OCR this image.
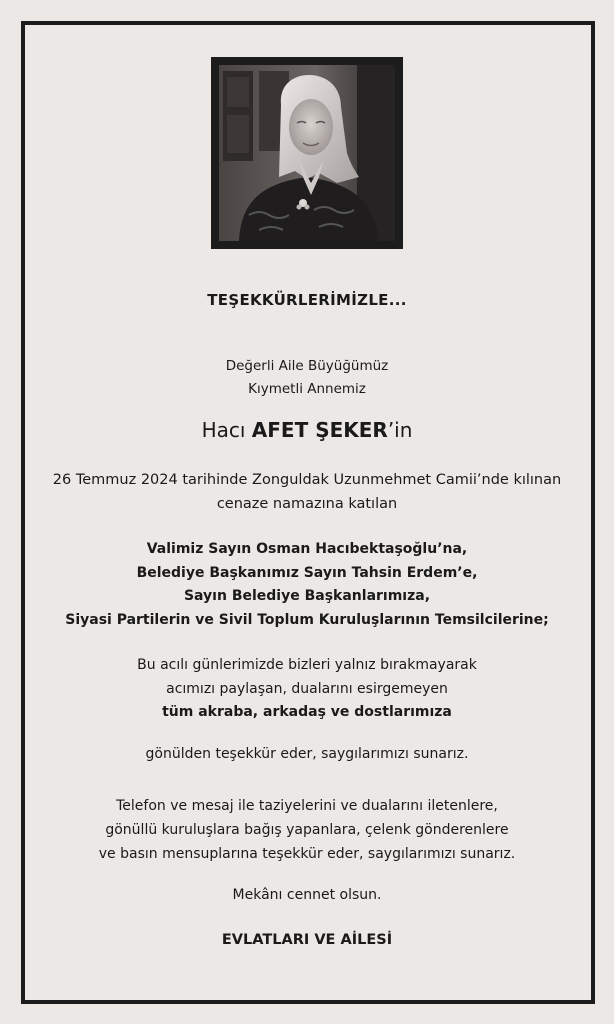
TEŞEKKÜRLERİMİZLE...
Değerli Aile Büyüğümüz
Kıymetli Annemiz
Hacı AFET ŞEKER’in
26 Temmuz 2024 tarihinde Zonguldak Uzunmehmet Camii’nde kılınan
cenaze namazına katılan
Valimiz Sayın Osman Hacıbektaşoğlu’na,
Belediye Başkanımız Sayın Tahsin Erdem’e,
Sayın Belediye Başkanlarımıza,
Siyasi Partilerin ve Sivil Toplum Kuruluşlarının Temsilcilerine;
Bu acılı günlerimizde bizleri yalnız bırakmayarak
acımızı paylaşan, dualarını esirgemeyen
tüm akraba, arkadaş ve dostlarımıza
gönülden teşekkür eder, saygılarımızı sunarız.
Telefon ve mesaj ile taziyelerini ve dualarını iletenlere,
gönüllü kuruluşlara bağış yapanlara, çelenk gönderenlere
ve basın mensuplarına teşekkür eder, saygılarımızı sunarız.
Mekânı cennet olsun.
EVLATLARI VE AİLESİ
